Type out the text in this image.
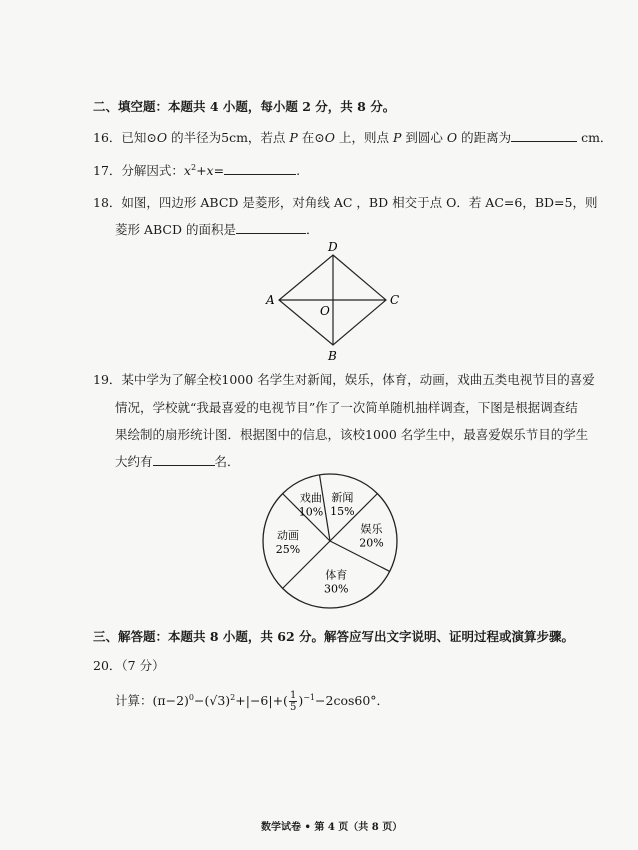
二、填空题：本题共 4 小题，每小题 2 分，共 8 分。
16．已知⊙O 的半径为5cm，若点 P 在⊙O 上，则点 P 到圆心 O 的距离为	cm．
17．分解因式：$x^2+x=$	.
18．如图，四边形 ABCD 是菱形，对角线 AC ，BD 相交于点 O．若 AC=6，BD=5，则
菱形 ABCD 的面积是	．
D
A	C
O
B
19．某中学为了解全校1000 名学生对新闻，娱乐，体育，动画，戏曲五类电视节目的喜爱
情况，学校就“我最喜爱的电视节目”作了一次简单随机抽样调查，下图是根据调查结
果绘制的扇形统计图．根据图中的信息，该校1000 名学生中，最喜爱娱乐节目的学生
大约有	名．
新闻
15%
娱乐
20%
体育
30%
动画
25%
戏曲
10%
三、解答题：本题共 8 小题，共 62 分。解答应写出文字说明、证明过程或演算步骤。
20．（7 分）
计算：$(\pi-2)^0-(√3)^2+|-6|+( \frac{1}{5} )^{-1}-2\cos 60^\circ$．
数学试卷 • 第 4 页（共 8 页）
